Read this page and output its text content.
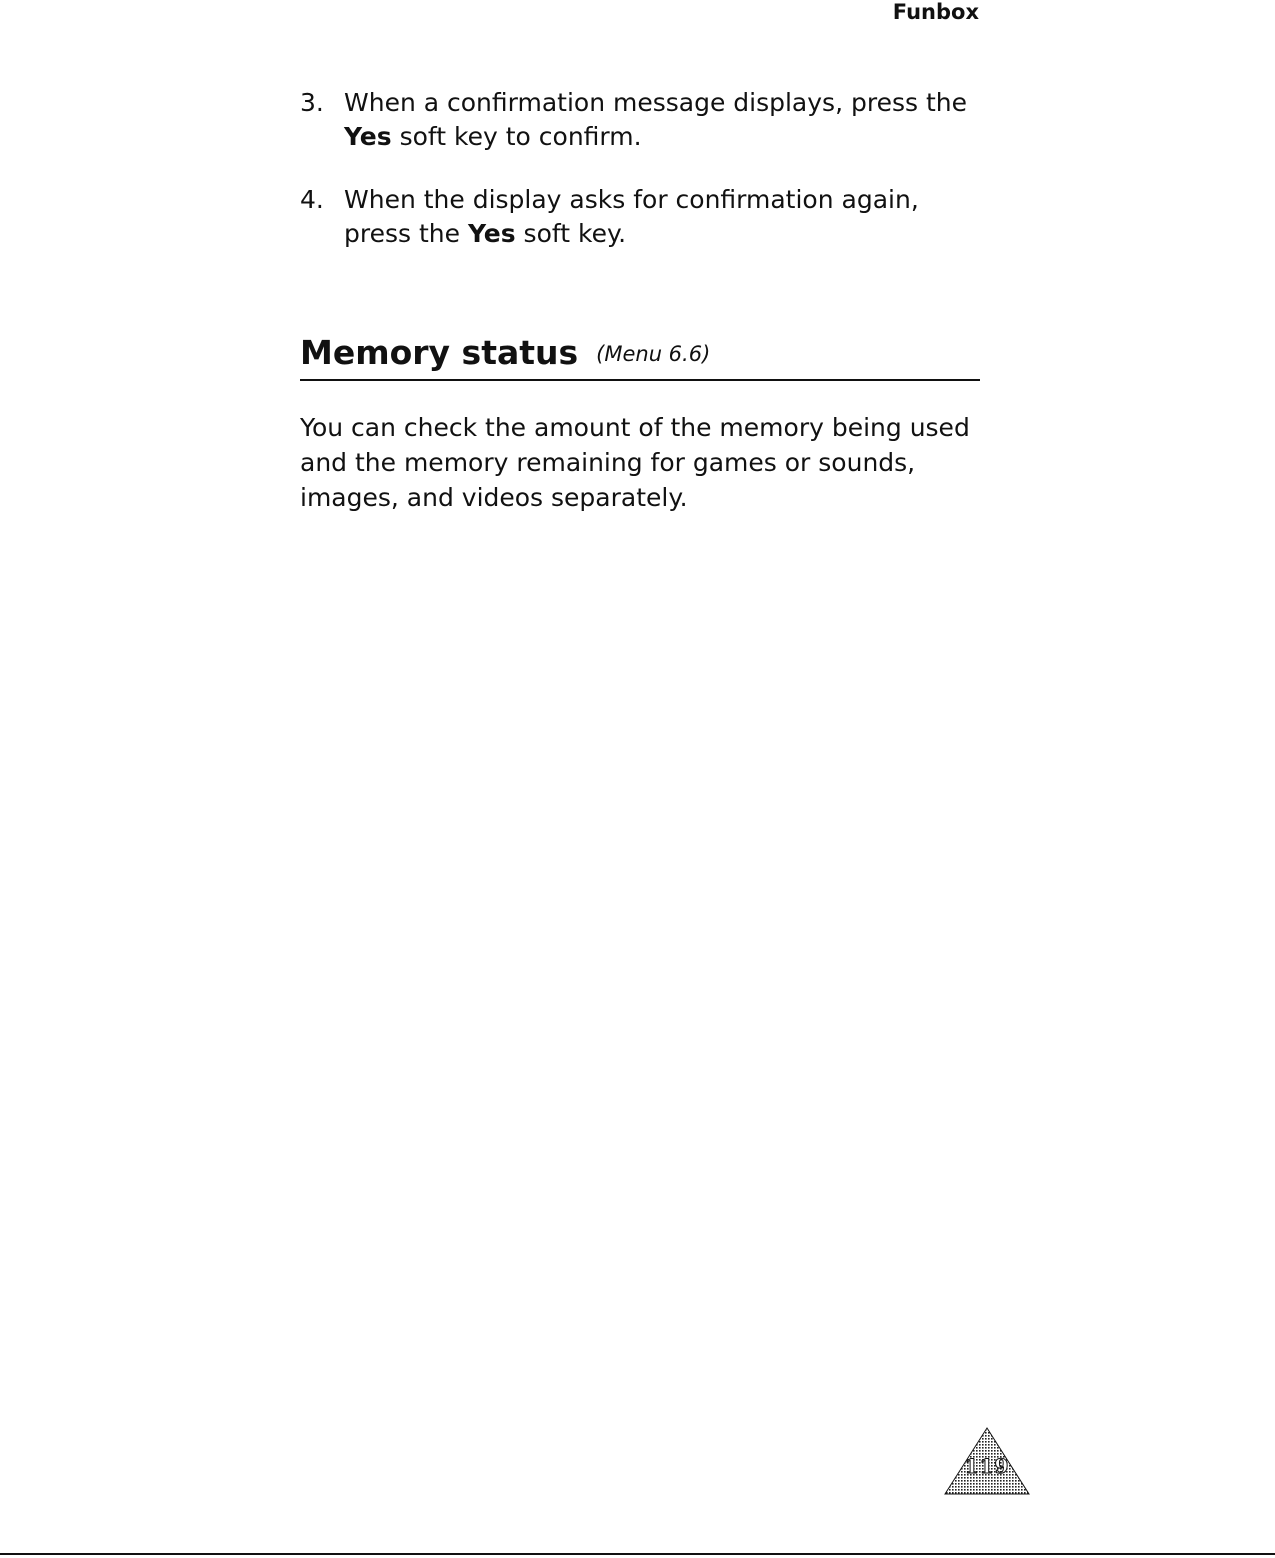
Funbox
3. When a confirmation message displays, press the Yes soft key to confirm.
4. When the display asks for confirmation again, press the Yes soft key.
Memory status (Menu 6.6)

You can check the amount of the memory being used and the memory remaining for games or sounds, images, and videos separately.

119
